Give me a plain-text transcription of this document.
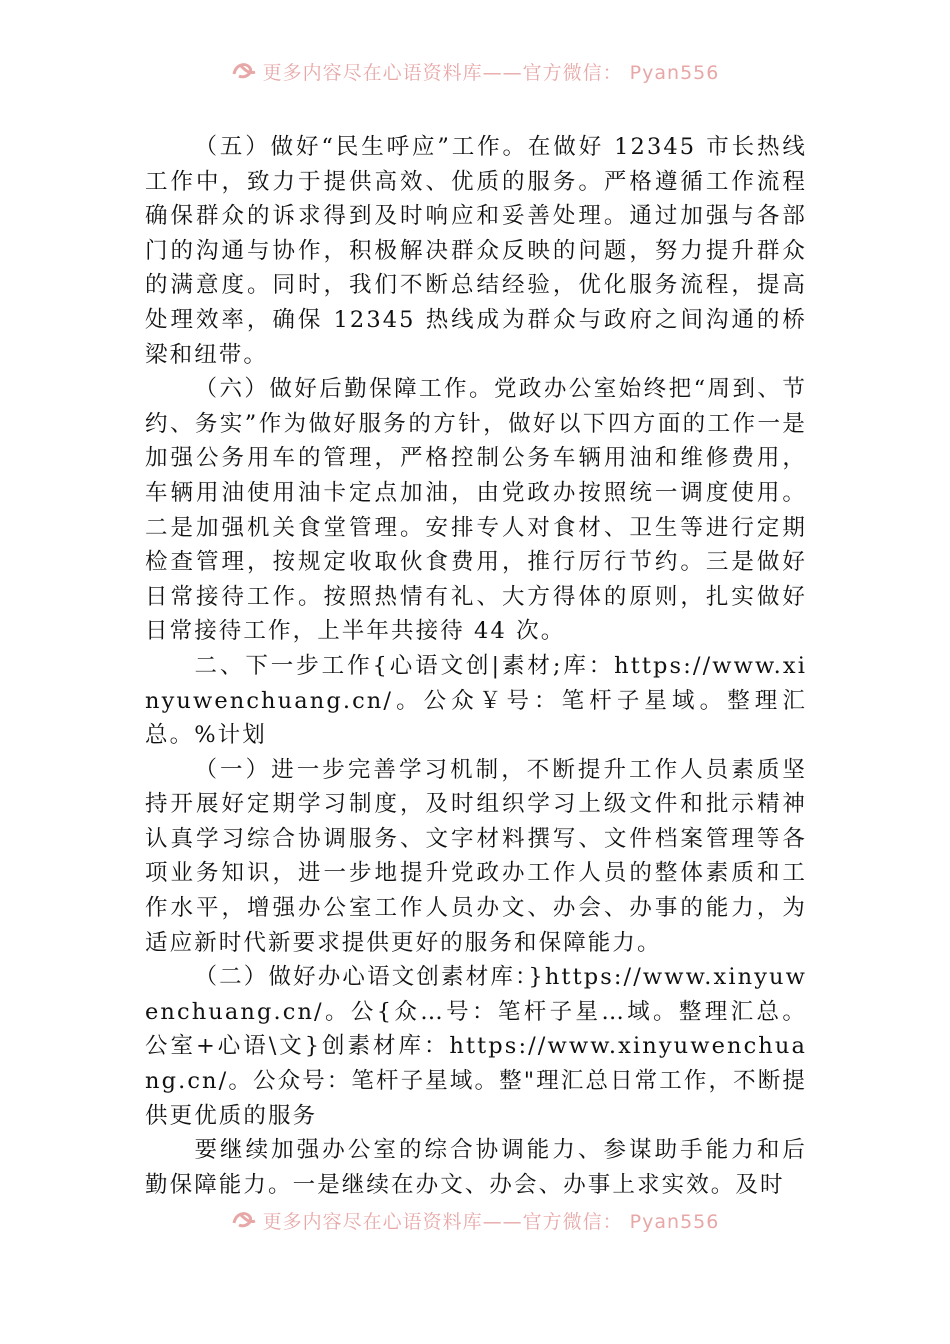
更多内容尽在心语资料库——官方微信： Pyan556

（五）做好“民生呼应”工作。在做好 12345 市长热线工作中，致力于提供高效、优质的服务。严格遵循工作流程确保群众的诉求得到及时响应和妥善处理。通过加强与各部门的沟通与协作，积极解决群众反映的问题，努力提升群众的满意度。同时，我们不断总结经验，优化服务流程，提高处理效率，确保 12345 热线成为群众与政府之间沟通的桥梁和纽带。

（六）做好后勤保障工作。党政办公室始终把“周到、节约、务实”作为做好服务的方针，做好以下四方面的工作一是加强公务用车的管理，严格控制公务车辆用油和维修费用，车辆用油使用油卡定点加油，由党政办按照统一调度使用。二是加强机关食堂管理。安排专人对食材、卫生等进行定期检查管理，按规定收取伙食费用，推行厉行节约。三是做好日常接待工作。按照热情有礼、大方得体的原则，扎实做好日常接待工作，上半年共接待 44 次。

二、下一步工作{心语文创|素材;库：https://www.xinyuwenchuang.cn/。公众￥号：笔杆子星域。整理汇总。%计划

（一）进一步完善学习机制，不断提升工作人员素质坚持开展好定期学习制度，及时组织学习上级文件和批示精神认真学习综合协调服务、文字材料撰写、文件档案管理等各项业务知识，进一步地提升党政办工作人员的整体素质和工作水平，增强办公室工作人员办文、办会、办事的能力，为适应新时代新要求提供更好的服务和保障能力。

（二）做好办心语文创素材库：}https://www.xinyuwenchuang.cn/。公{众…号：笔杆子星…域。整理汇总。公室+心语\文}创素材库：https://www.xinyuwenchuang.cn/。公众号：笔杆子星域。整"理汇总日常工作，不断提供更优质的服务

要继续加强办公室的综合协调能力、参谋助手能力和后勤保障能力。一是继续在办文、办会、办事上求实效。及时

更多内容尽在心语资料库——官方微信： Pyan556
